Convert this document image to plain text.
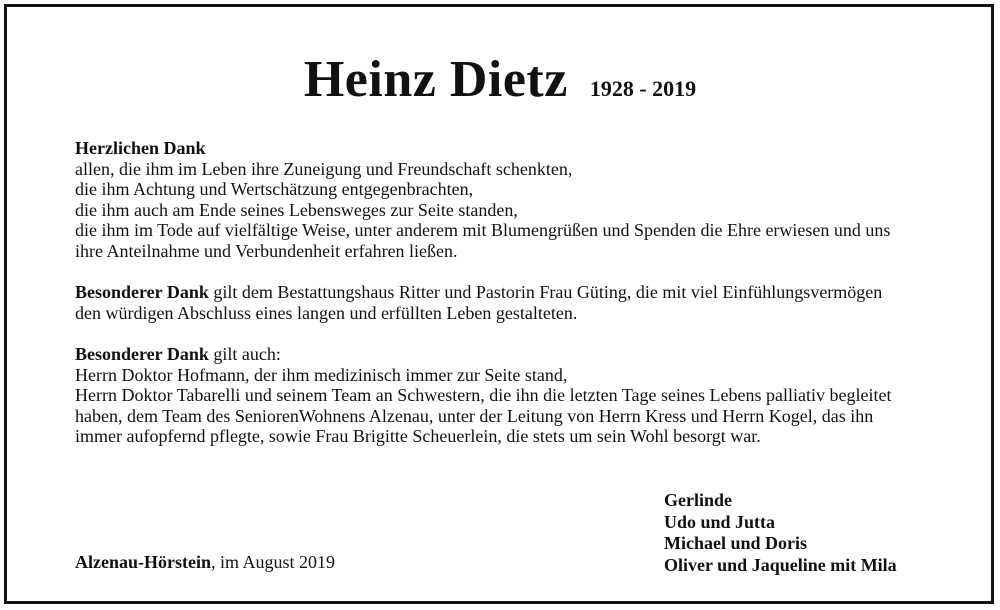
Heinz Dietz 1928 - 2019
Herzlichen Dank
allen, die ihm im Leben ihre Zuneigung und Freundschaft schenkten,
die ihm Achtung und Wertschätzung entgegenbrachten,
die ihm auch am Ende seines Lebensweges zur Seite standen,
die ihm im Tode auf vielfältige Weise, unter anderem mit Blumengrüßen und Spenden die Ehre erwiesen und uns
ihre Anteilnahme und Verbundenheit erfahren ließen.
Besonderer Dank gilt dem Bestattungshaus Ritter und Pastorin Frau Güting, die mit viel Einfühlungsvermögen
den würdigen Abschluss eines langen und erfüllten Leben gestalteten.
Besonderer Dank gilt auch:
Herrn Doktor Hofmann, der ihm medizinisch immer zur Seite stand,
Herrn Doktor Tabarelli und seinem Team an Schwestern, die ihn die letzten Tage seines Lebens palliativ begleitet
haben, dem Team des SeniorenWohnens Alzenau, unter der Leitung von Herrn Kress und Herrn Kogel, das ihn
immer aufopfernd pflegte, sowie Frau Brigitte Scheuerlein, die stets um sein Wohl besorgt war.
Alzenau-Hörstein, im August 2019
Gerlinde
Udo und Jutta
Michael und Doris
Oliver und Jaqueline mit Mila
